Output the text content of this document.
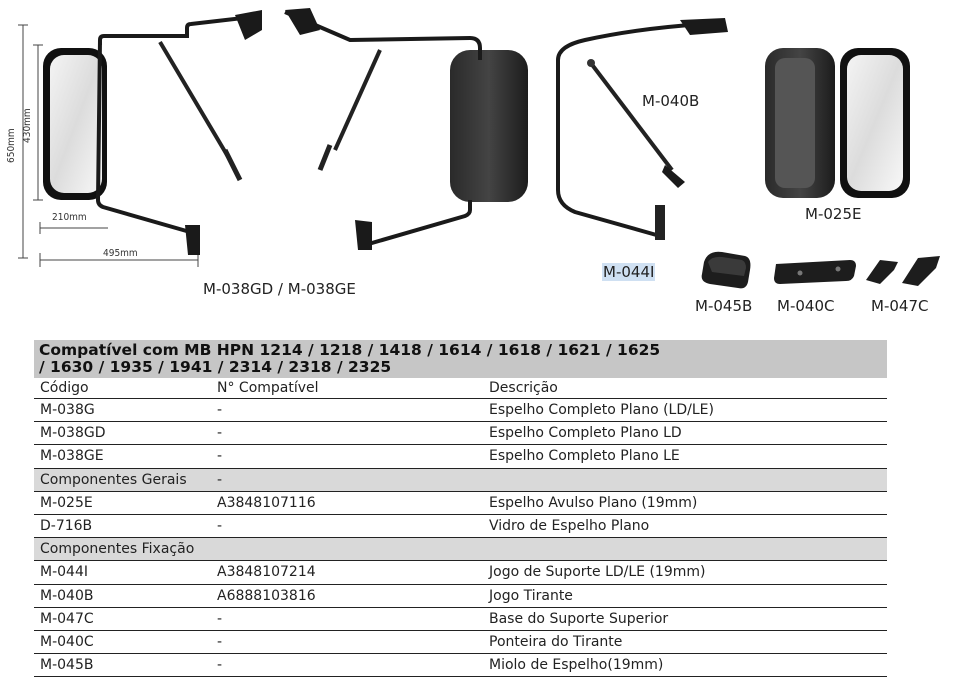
650mm
430mm
210mm
495mm
M-038GD / M-038GE
M-040B
M-025E
M-044I
M-045B M-040C M-047C
Compatível com MB HPN 1214 / 1218 / 1418 / 1614 / 1618 / 1621 / 1625
/ 1630 / 1935 / 1941 / 2314 / 2318 / 2325
Código	N° Compatível	Descrição
M-038G	-	Espelho Completo Plano (LD/LE)
M-038GD	-	Espelho Completo Plano LD
M-038GE	-	Espelho Completo Plano LE
Componentes Gerais -
M-025E	A3848107116	Espelho Avulso Plano (19mm)
D-716B	-	Vidro de Espelho Plano
Componentes Fixação
M-044I	A3848107214	Jogo de Suporte LD/LE (19mm)
M-040B	A6888103816	Jogo Tirante
M-047C	-	Base do Suporte Superior
M-040C	-	Ponteira do Tirante
M-045B	-	Miolo de Espelho(19mm)
